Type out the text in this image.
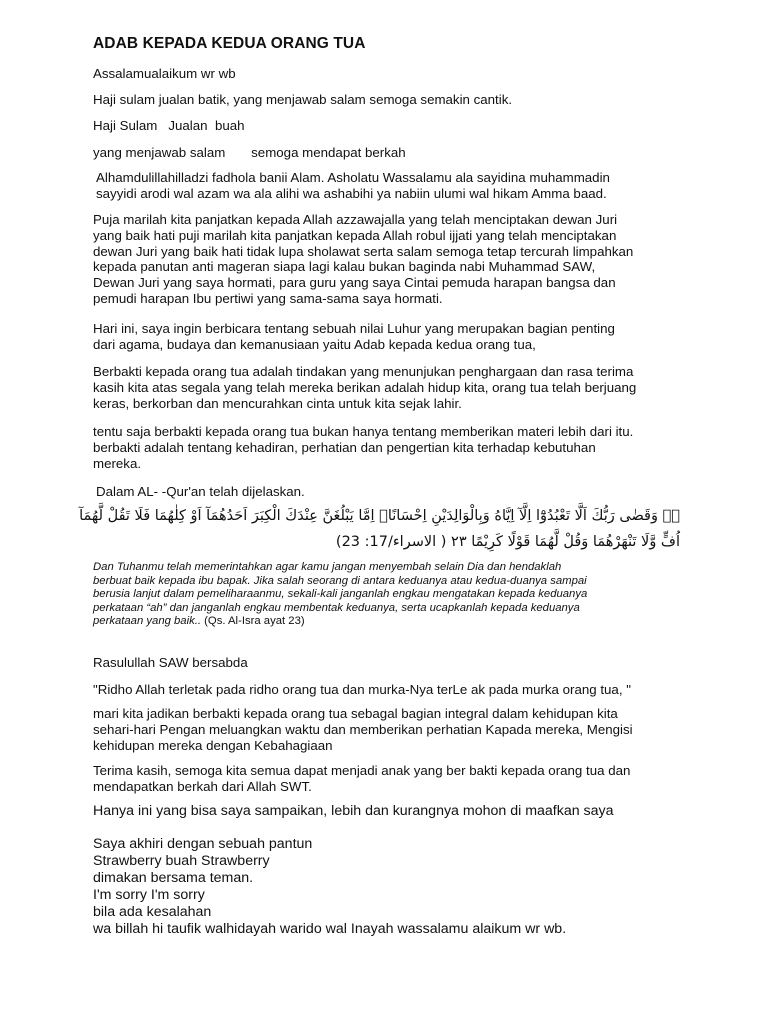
ADAB KEPADA KEDUA ORANG TUA

Assalamualaikum wr wb

Haji sulam jualan batik, yang menjawab salam semoga semakin cantik.

Haji Sulam   Jualan  buah

yang menjawab salam       semoga mendapat berkah

Alhamdulillahilladzi fadhola banii Alam. Asholatu Wassalamu ala sayidina muhammadin
sayyidi arodi wal azam wa ala alihi wa ashabihi ya nabiin ulumi wal hikam Amma baad.

Puja marilah kita panjatkan kepada Allah azzawajalla yang telah menciptakan dewan Juri
yang baik hati puji marilah kita panjatkan kepada Allah robul ijjati yang telah menciptakan
dewan Juri yang baik hati tidak lupa sholawat serta salam semoga tetap tercurah limpahkan
kepada panutan anti mageran siapa lagi kalau bukan baginda nabi Muhammad SAW,
Dewan Juri yang saya hormati, para guru yang saya Cintai pemuda harapan bangsa dan
pemudi harapan Ibu pertiwi yang sama-sama saya hormati.

Hari ini, saya ingin berbicara tentang sebuah nilai Luhur yang merupakan bagian penting
dari agama, budaya dan kemanusiaan yaitu Adab kepada kedua orang tua,

Berbakti kepada orang tua adalah tindakan yang menunjukan penghargaan dan rasa terima
kasih kita atas segala yang telah mereka berikan adalah hidup kita, orang tua telah berjuang
keras, berkorban dan mencurahkan cinta untuk kita sejak lahir.

tentu saja berbakti kepada orang tua bukan hanya tentang memberikan materi lebih dari itu.
berbakti adalah tentang kehadiran, perhatian dan pengertian kita terhadap kebutuhan
mereka.

Dalam AL- -Qur'an telah dijelaskan.

﴿۞ وَقَضٰى رَبُّكَ اَلَّا تَعْبُدُوْٓا اِلَّآ اِيَّاهُ وَبِالْوَالِدَيْنِ اِحْسَانًاۗ اِمَّا يَبْلُغَنَّ عِنْدَكَ الْكِبَرَ اَحَدُهُمَآ اَوْ كِلٰهُمَا فَلَا تَقُلْ لَّهُمَآ
اُفٍّ وَّلَا تَنْهَرْهُمَا وَقُلْ لَّهُمَا قَوْلًا كَرِيْمًا ٢٣ ( الاسراء/17: 23)
Dan Tuhanmu telah memerintahkan agar kamu jangan menyembah selain Dia dan hendaklah
berbuat baik kepada ibu bapak. Jika salah seorang di antara keduanya atau kedua-duanya sampai
berusia lanjut dalam pemeliharaanmu, sekali-kali janganlah engkau mengatakan kepada keduanya
perkataan “ah” dan janganlah engkau membentak keduanya, serta ucapkanlah kepada keduanya
perkataan yang baik.. (Qs. Al-Isra ayat 23)

Rasulullah SAW bersabda

"Ridho Allah terletak pada ridho orang tua dan murka-Nya terLe ak pada murka orang tua, "

mari kita jadikan berbakti kepada orang tua sebagal bagian integral dalam kehidupan kita
sehari-hari Pengan meluangkan waktu dan memberikan perhatian Kapada mereka, Mengisi
kehidupan mereka dengan Kebahagiaan

Terima kasih, semoga kita semua dapat menjadi anak yang ber bakti kepada orang tua dan
mendapatkan berkah dari Allah SWT.

Hanya ini yang bisa saya sampaikan, lebih dan kurangnya mohon di maafkan saya

Saya akhiri dengan sebuah pantun
Strawberry buah Strawberry
dimakan bersama teman.
I'm sorry I'm sorry
bila ada kesalahan
wa billah hi taufik walhidayah warido wal Inayah wassalamu alaikum wr wb.
